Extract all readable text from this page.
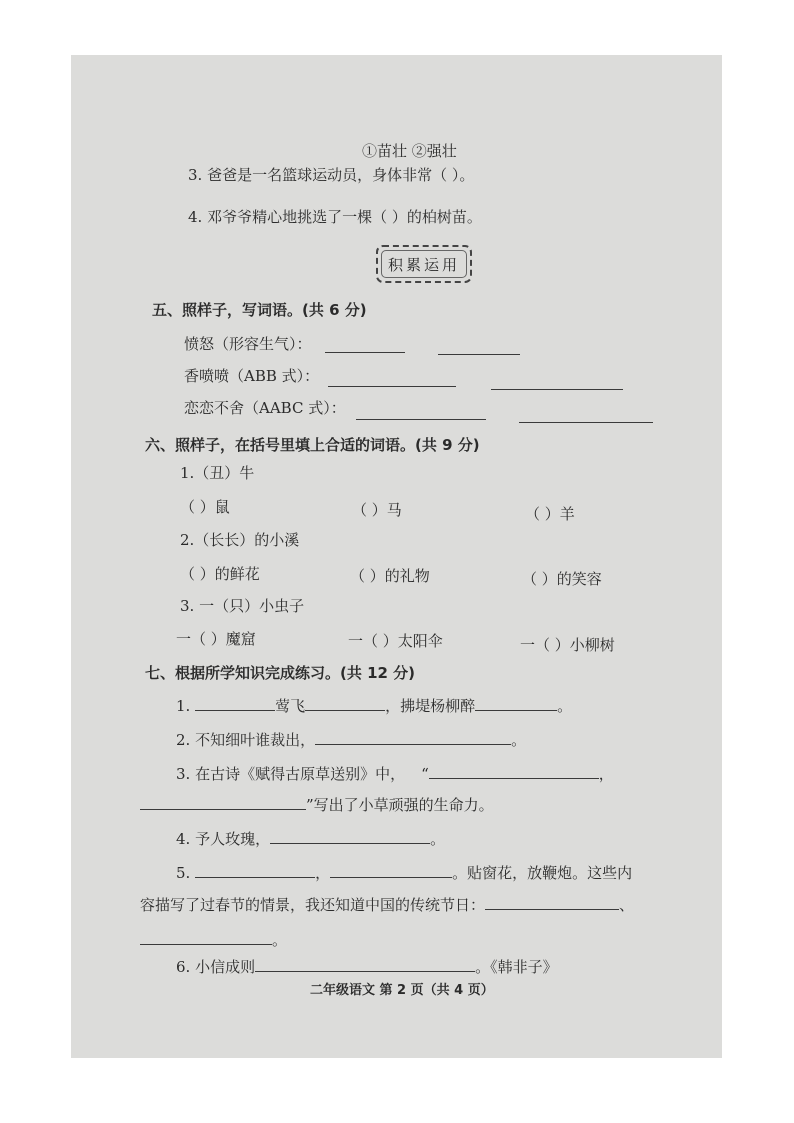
①苗壮 ②强壮
3. 爸爸是一名篮球运动员，身体非常（ ）。
4. 邓爷爷精心地挑选了一棵（ ）的柏树苗。
积累运用
五、照样子，写词语。(共 6 分)
愤怒（形容生气）：
香喷喷（ABB 式）：
恋恋不舍（AABC 式）：
六、照样子，在括号里填上合适的词语。(共 9 分)
1.（丑）牛
（ ）鼠	（ ）马	（ ）羊
2.（长长）的小溪
（ ）的鲜花	（ ）的礼物	（ ）的笑容
3. 一（只）小虫子
一（ ）魔窟	一（ ）太阳伞	一（ ）小柳树
七、根据所学知识完成练习。(共 12 分)
1.	莺飞	，拂堤杨柳醉	。
2. 不知细叶谁裁出，	。
3. 在古诗《赋得古原草送别》中， “	，
”写出了小草顽强的生命力。
4. 予人玫瑰，	。
5.	，	。贴窗花，放鞭炮。这些内
容描写了过春节的情景，我还知道中国的传统节日：	、
。
6. 小信成则	。《韩非子》
二年级语文 第 2 页（共 4 页）
